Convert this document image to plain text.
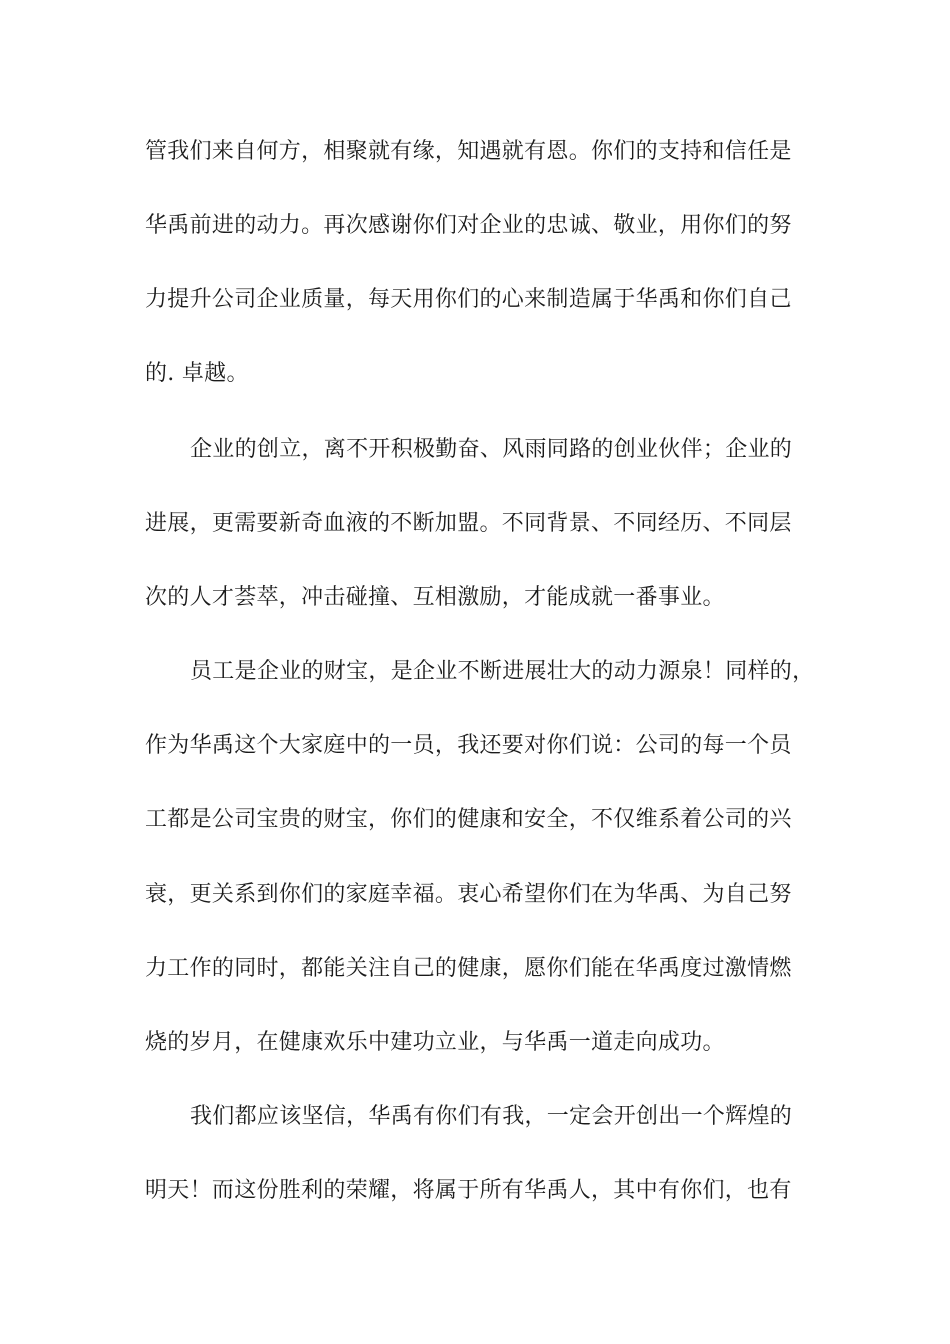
管我们来自何方，相聚就有缘，知遇就有恩。你们的支持和信任是
华禹前进的动力。再次感谢你们对企业的忠诚、敬业，用你们的努
力提升公司企业质量，每天用你们的心来制造属于华禹和你们自己
的. 卓越。
企业的创立，离不开积极勤奋、风雨同路的创业伙伴；企业的
进展，更需要新奇血液的不断加盟。不同背景、不同经历、不同层
次的人才荟萃，冲击碰撞、互相激励，才能成就一番事业。
员工是企业的财宝，是企业不断进展壮大的动力源泉！同样的，
作为华禹这个大家庭中的一员，我还要对你们说：公司的每一个员
工都是公司宝贵的财宝，你们的健康和安全，不仅维系着公司的兴
衰，更关系到你们的家庭幸福。衷心希望你们在为华禹、为自己努
力工作的同时，都能关注自己的健康，愿你们能在华禹度过激情燃
烧的岁月，在健康欢乐中建功立业，与华禹一道走向成功。
我们都应该坚信，华禹有你们有我，一定会开创出一个辉煌的
明天！而这份胜利的荣耀，将属于所有华禹人，其中有你们，也有
